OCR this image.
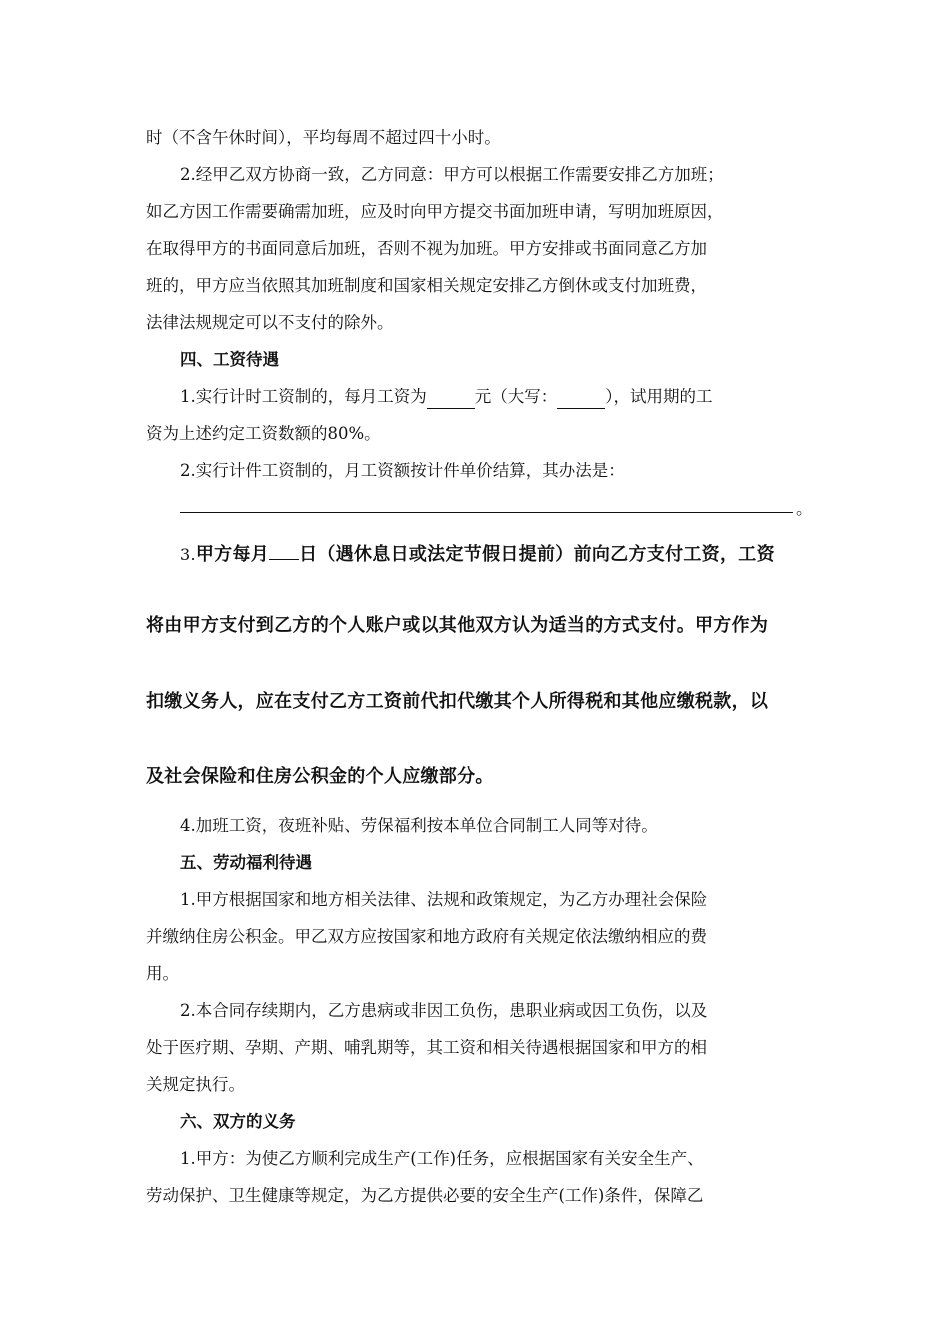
时（不含午休时间），平均每周不超过四十小时。
2.经甲乙双方协商一致，乙方同意：甲方可以根据工作需要安排乙方加班；
如乙方因工作需要确需加班，应及时向甲方提交书面加班申请，写明加班原因，
在取得甲方的书面同意后加班，否则不视为加班。甲方安排或书面同意乙方加
班的，甲方应当依照其加班制度和国家相关规定安排乙方倒休或支付加班费，
法律法规规定可以不支付的除外。
四、工资待遇
1.实行计时工资制的，每月工资为	元（大写：	），试用期的工
资为上述约定工资数额的80%。
2.实行计件工资制的，月工资额按计件单价结算，其办法是：
。
3.甲方每月 日（遇休息日或法定节假日提前）前向乙方支付工资，工资
将由甲方支付到乙方的个人账户或以其他双方认为适当的方式支付。甲方作为
扣缴义务人，应在支付乙方工资前代扣代缴其个人所得税和其他应缴税款，以
及社会保险和住房公积金的个人应缴部分。
4.加班工资，夜班补贴、劳保福利按本单位合同制工人同等对待。
五、劳动福利待遇
1.甲方根据国家和地方相关法律、法规和政策规定，为乙方办理社会保险
并缴纳住房公积金。甲乙双方应按国家和地方政府有关规定依法缴纳相应的费
用。
2.本合同存续期内，乙方患病或非因工负伤，患职业病或因工负伤，以及
处于医疗期、孕期、产期、哺乳期等，其工资和相关待遇根据国家和甲方的相
关规定执行。
六、双方的义务
1.甲方：为使乙方顺利完成生产(工作)任务，应根据国家有关安全生产、
劳动保护、卫生健康等规定，为乙方提供必要的安全生产(工作)条件，保障乙
